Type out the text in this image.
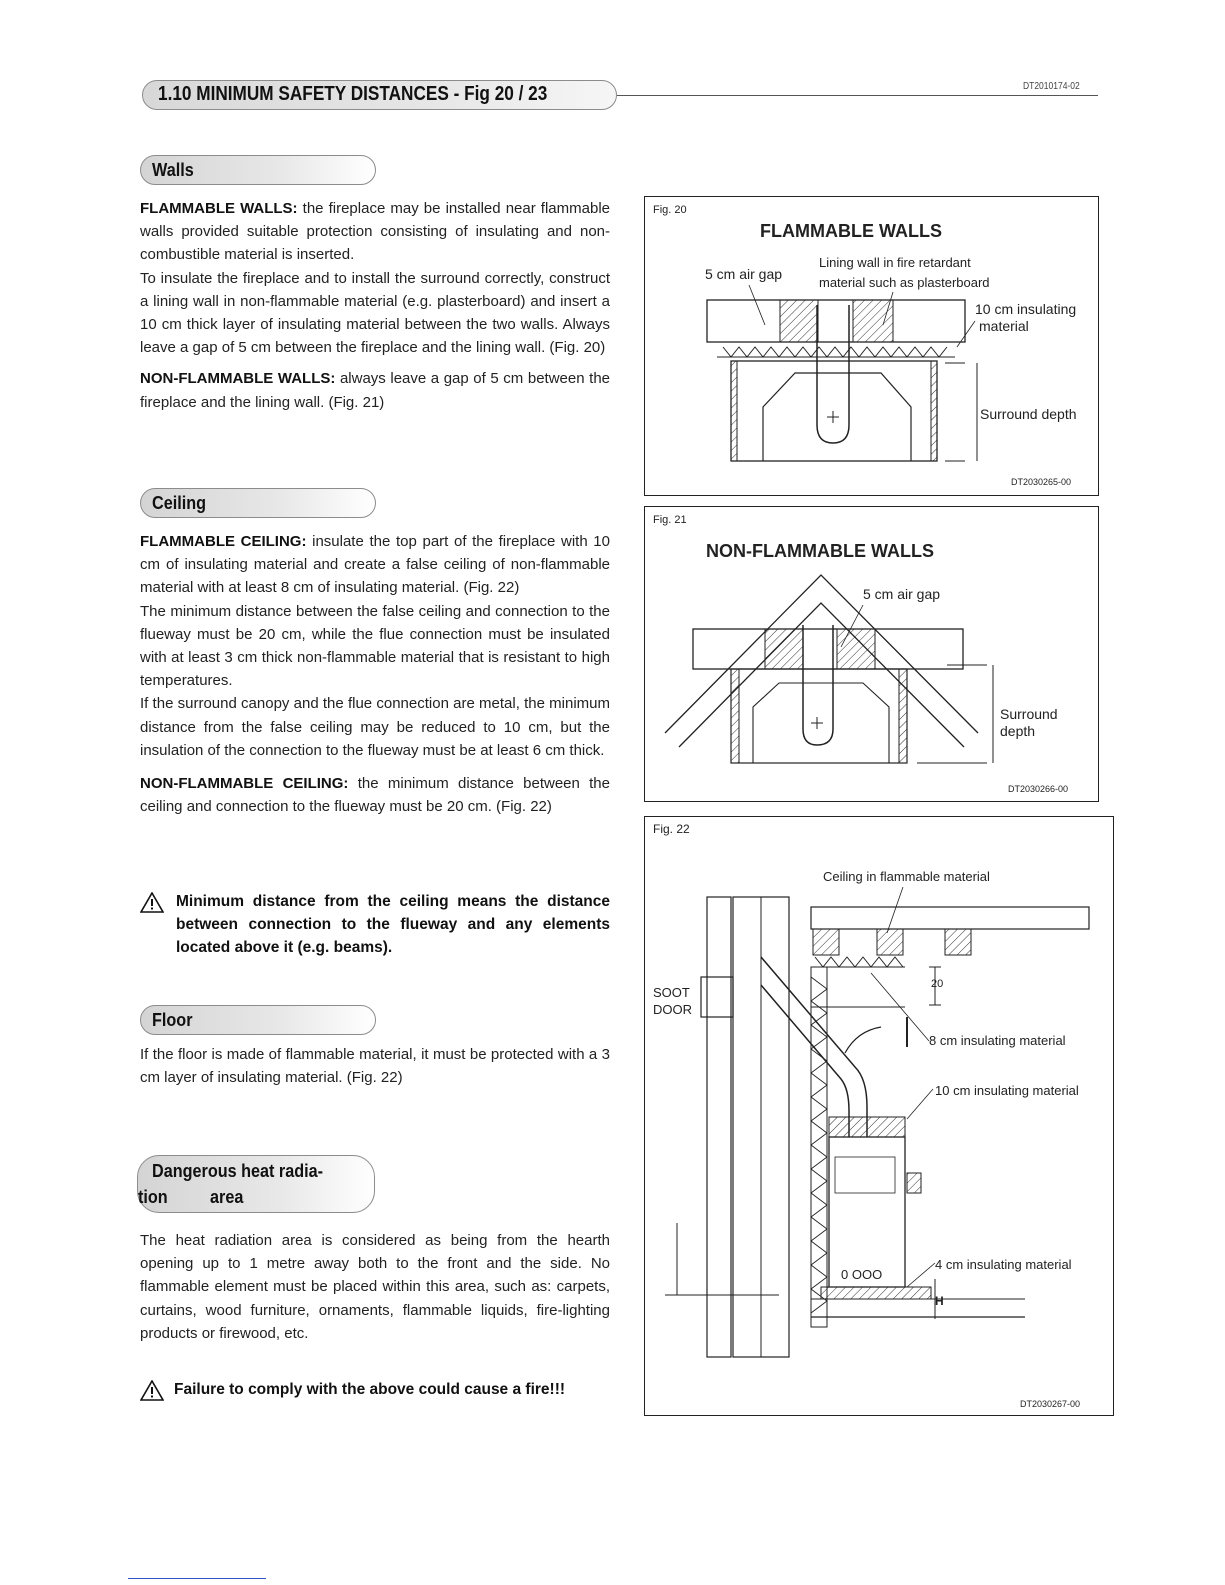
1.10 MINIMUM SAFETY DISTANCES - Fig 20 / 23	DT2010174-02
Walls

FLAMMABLE WALLS: the fireplace may be installed near flammable walls provided suitable protection consisting of insulating and non-combustible material is inserted.

To insulate the fireplace and to install the surround correctly, construct a lining wall in non-flammable material (e.g. plasterboard) and insert a 10 cm thick layer of insulating material between the two walls. Always leave a gap of 5 cm between the fireplace and the lining wall. (Fig. 20)

NON-FLAMMABLE WALLS: always leave a gap of 5 cm between the fireplace and the lining wall. (Fig. 21)

Ceiling

FLAMMABLE CEILING: insulate the top part of the fireplace with 10 cm of insulating material and create a false ceiling of non-flammable material with at least 8 cm of insulating material. (Fig. 22)

The minimum distance between the false ceiling and connection to the flueway must be 20 cm, while the flue connection must be insulated with at least 3 cm thick non-flammable material that is resistant to high temperatures.

If the surround canopy and the flue connection are metal, the minimum distance from the false ceiling may be reduced to 10 cm, but the insulation of the connection to the flueway must be at least 6 cm thick.

NON-FLAMMABLE CEILING: the minimum distance between the ceiling and connection to the flueway must be 20 cm. (Fig. 22)

Minimum distance from the ceiling means the distance between connection to the flueway and any elements located above it (e.g. beams).
Floor
If the floor is made of flammable material, it must be protected with a 3 cm layer of insulating material. (Fig. 22)
Dangerous heat radia-
tion area
The heat radiation area is considered as being from the hearth opening up to 1 metre away both to the front and the side. No flammable element must be placed within this area, such as: carpets, curtains, wood furniture, ornaments, flammable liquids, fire-lighting products or firewood, etc.
Failure to comply with the above could cause a fire!!!
Fig. 20
FLAMMABLE WALLS
5 cm air gap
Lining wall in fire retardant
material such as plasterboard
10 cm insulating
material
Surround depth
DT2030265-00
Fig. 21
NON-FLAMMABLE WALLS
5 cm air gap
Surround
depth
DT2030266-00
Fig. 22
Ceiling in flammable material
SOOT
DOOR
20
8 cm insulating material
10 cm insulating material
4 cm insulating material
H
DT2030267-00
0 OOO
